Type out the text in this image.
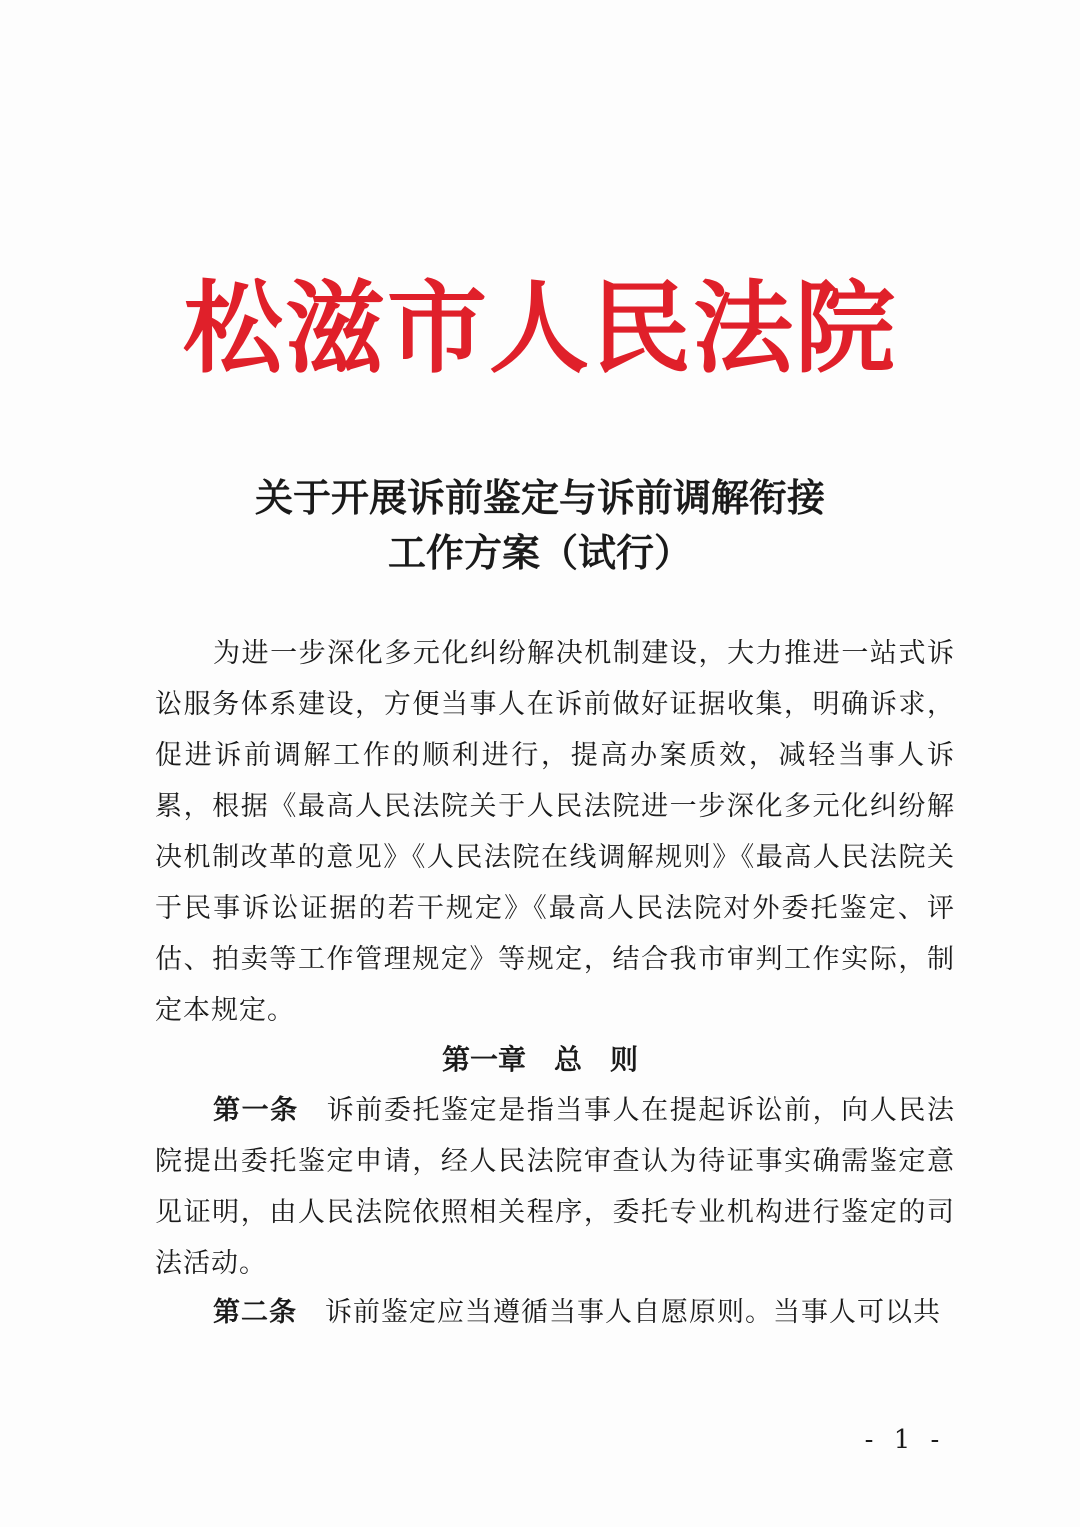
松滋市人民法院
关于开展诉前鉴定与诉前调解衔接
工作方案（试行）
为进一步深化多元化纠纷解决机制建设，大力推进一站式诉讼服务体系建设，方便当事人在诉前做好证据收集，明确诉求，促进诉前调解工作的顺利进行，提高办案质效，减轻当事人诉累，根据《最高人民法院关于人民法院进一步深化多元化纠纷解决机制改革的意见》《人民法院在线调解规则》《最高人民法院关于民事诉讼证据的若干规定》《最高人民法院对外委托鉴定、评估、拍卖等工作管理规定》等规定，结合我市审判工作实际，制定本规定。
第一章　总　则
第一条 诉前委托鉴定是指当事人在提起诉讼前，向人民法院提出委托鉴定申请，经人民法院审查认为待证事实确需鉴定意见证明，由人民法院依照相关程序，委托专业机构进行鉴定的司法活动。
第二条 诉前鉴定应当遵循当事人自愿原则。当事人可以共
- 1 -
